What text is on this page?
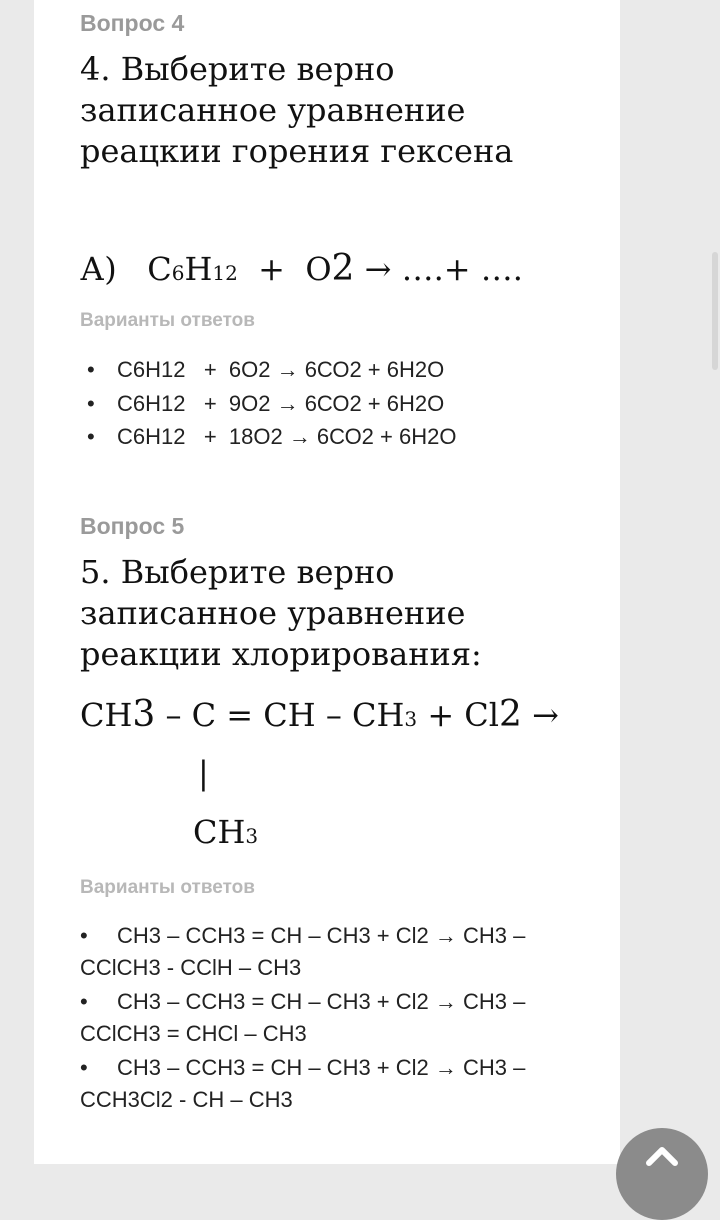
Вопрос 4
4. Выберите верно записанное уравнение реацкии горения гексена
А)   С6Н12  +  О2 → ….+ ….
Варианты ответов
• С6Н12   +  6О2 → 6СО2 + 6Н2О
• С6Н12   +  9О2 → 6СО2 + 6Н2О
• С6Н12   +  18О2 → 6СО2 + 6Н2О
Вопрос 5
5. Выберите верно записанное уравнение реакции хлорирования:
СН3 – С = СН – СН3 + Cl2 →
|
СН3
Варианты ответов
• СН3 – ССН3 = СН – СН3 + Cl2 → СН3 – ССlСН3 - ССlН – СН3
• СН3 – ССН3 = СН – СН3 + Cl2 → СН3 – ССlСН3 = СНCl – СН3
• СН3 – ССН3 = СН – СН3 + Cl2 → СН3 – ССН3Cl2 - СН – СН3
